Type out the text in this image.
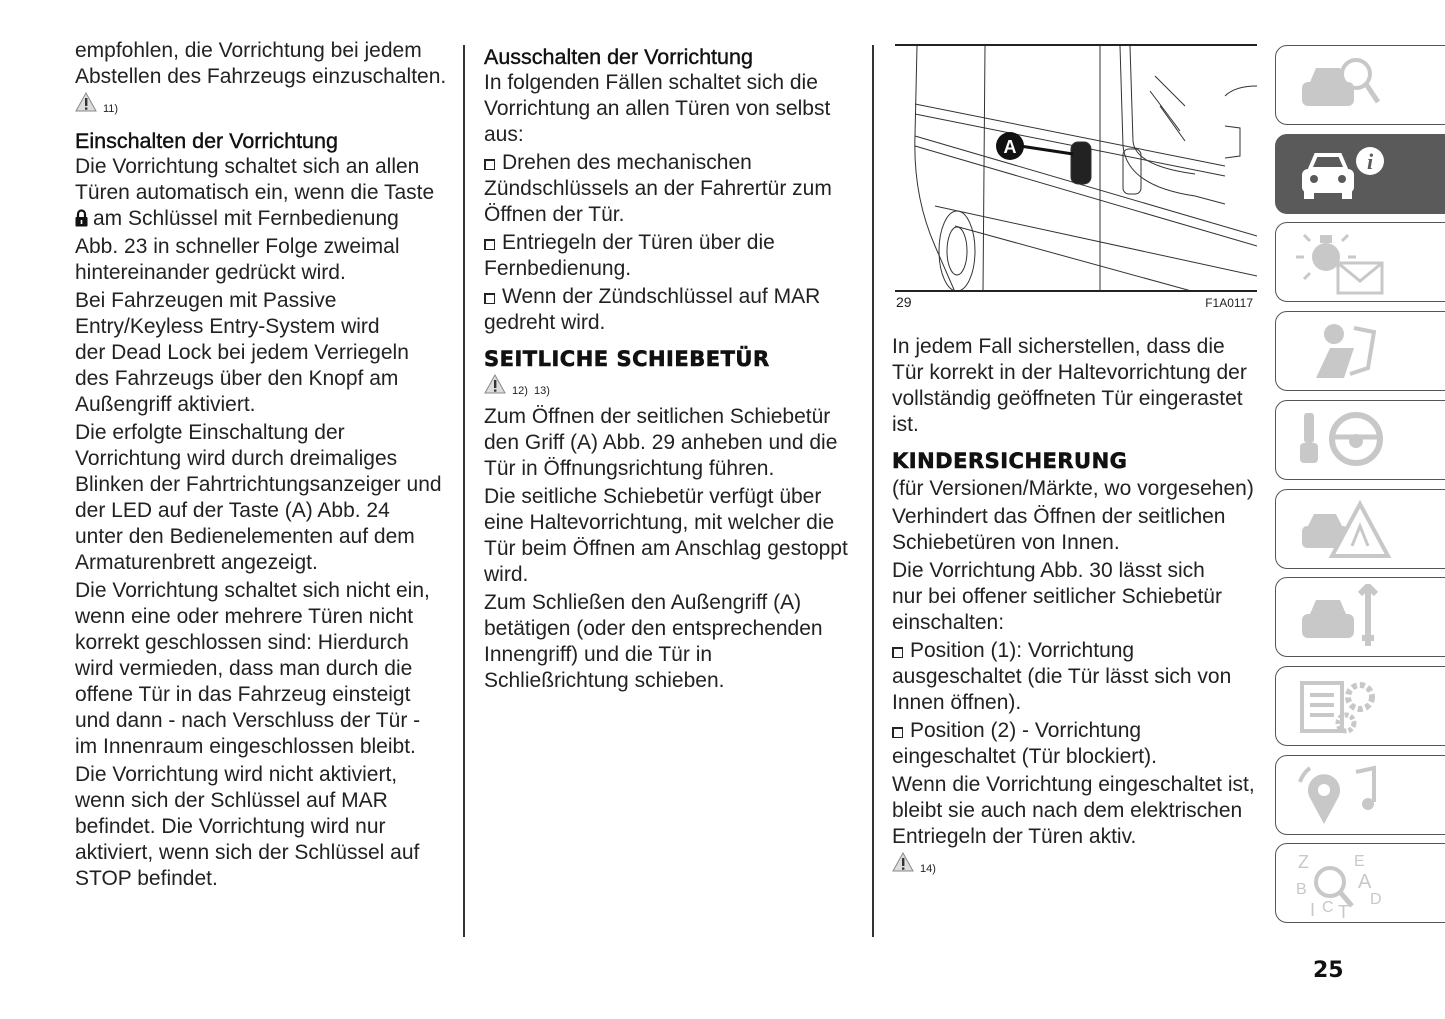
empfohlen, die Vorrichtung bei jedem
Abstellen des Fahrzeugs einzuschalten.
11)
Einschalten der Vorrichtung
Die Vorrichtung schaltet sich an allen
Türen automatisch ein, wenn die Taste
am Schlüssel mit Fernbedienung
Abb. 23 in schneller Folge zweimal
hintereinander gedrückt wird.
Bei Fahrzeugen mit Passive
Entry/Keyless Entry-System wird
der Dead Lock bei jedem Verriegeln
des Fahrzeugs über den Knopf am
Außengriff aktiviert.
Die erfolgte Einschaltung der
Vorrichtung wird durch dreimaliges
Blinken der Fahrtrichtungsanzeiger und
der LED auf der Taste (A) Abb. 24
unter den Bedienelementen auf dem
Armaturenbrett angezeigt.
Die Vorrichtung schaltet sich nicht ein,
wenn eine oder mehrere Türen nicht
korrekt geschlossen sind: Hierdurch
wird vermieden, dass man durch die
offene Tür in das Fahrzeug einsteigt
und dann - nach Verschluss der Tür -
im Innenraum eingeschlossen bleibt.
Die Vorrichtung wird nicht aktiviert,
wenn sich der Schlüssel auf MAR
befindet. Die Vorrichtung wird nur
aktiviert, wenn sich der Schlüssel auf
STOP befindet.
Ausschalten der Vorrichtung
In folgenden Fällen schaltet sich die
Vorrichtung an allen Türen von selbst
aus:
Drehen des mechanischen
Zündschlüssels an der Fahrertür zum
Öffnen der Tür.
Entriegeln der Türen über die
Fernbedienung.
Wenn der Zündschlüssel auf MAR
gedreht wird.
SEITLICHE SCHIEBETÜR
12)  13)
Zum Öffnen der seitlichen Schiebetür
den Griff (A) Abb. 29 anheben und die
Tür in Öffnungsrichtung führen.
Die seitliche Schiebetür verfügt über
eine Haltevorrichtung, mit welcher die
Tür beim Öffnen am Anschlag gestoppt
wird.
Zum Schließen den Außengriff (A)
betätigen (oder den entsprechenden
Innengriff) und die Tür in
Schließrichtung schieben.
A
29	F1A0117
In jedem Fall sicherstellen, dass die
Tür korrekt in der Haltevorrichtung der
vollständig geöffneten Tür eingerastet
ist.
KINDERSICHERUNG
(für Versionen/Märkte, wo vorgesehen)
Verhindert das Öffnen der seitlichen
Schiebetüren von Innen.
Die Vorrichtung Abb. 30 lässt sich
nur bei offener seitlicher Schiebetür
einschalten:
Position (1): Vorrichtung
ausgeschaltet (die Tür lässt sich von
Innen öffnen).
Position (2) - Vorrichtung
eingeschaltet (Tür blockiert).
Wenn die Vorrichtung eingeschaltet ist,
bleibt sie auch nach dem elektrischen
Entriegeln der Türen aktiv.
14)
i
Z	E
A
B
D
I C T
25
